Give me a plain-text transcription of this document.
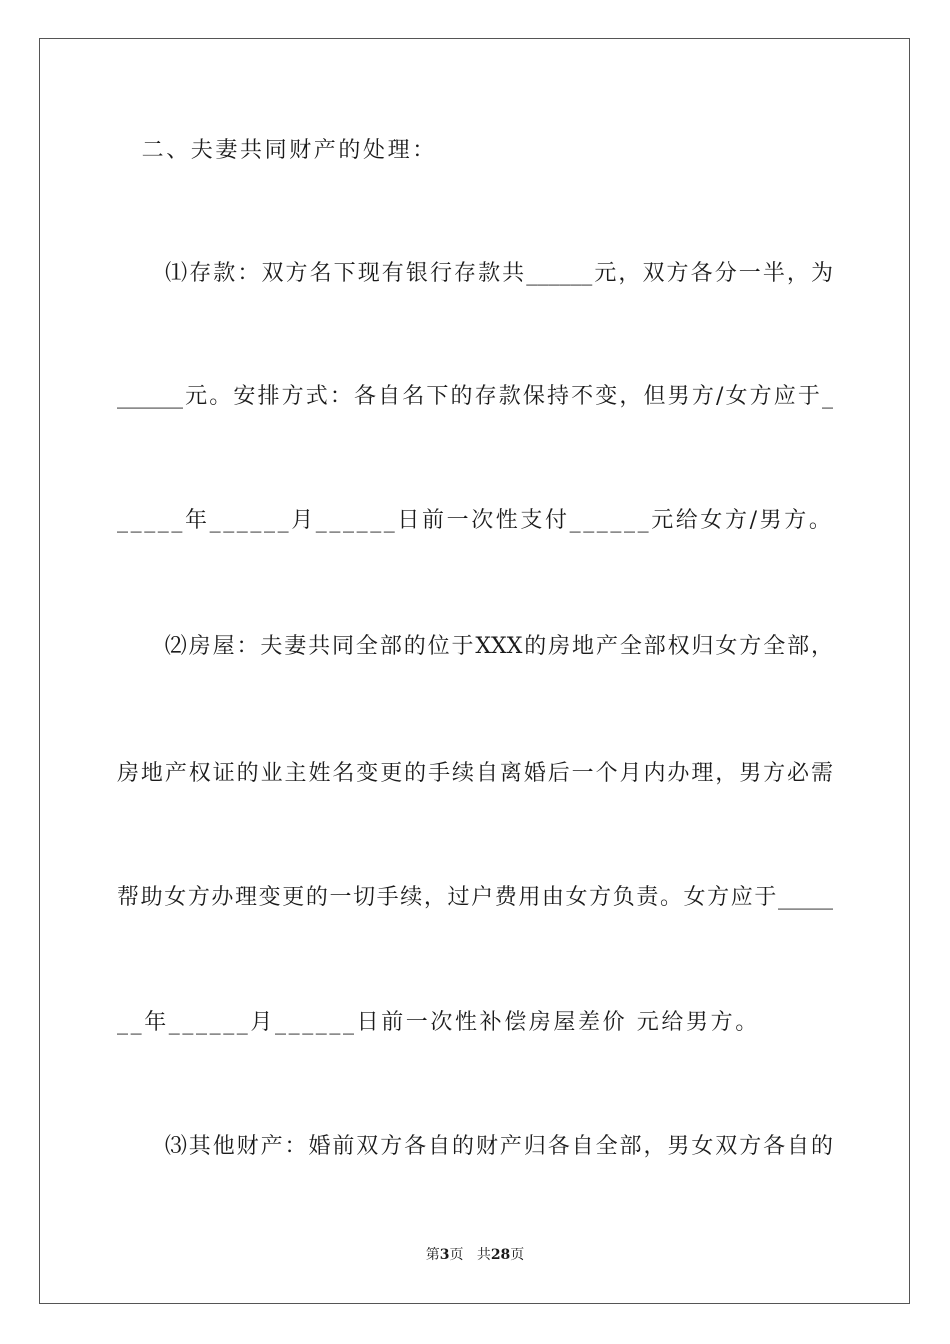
　二、夫妻共同财产的处理：
　　⑴存款：双方名下现有银行存款共______元，双方各分一半，为
______元。安排方式：各自名下的存款保持不变，但男方/女方应于_
_____年______月______日前一次性支付______元给女方/男方。
　　⑵房屋：夫妻共同全部的位于XXX的房地产全部权归女方全部，
房地产权证的业主姓名变更的手续自离婚后一个月内办理，男方必需
帮助女方办理变更的一切手续，过户费用由女方负责。女方应于_____
__年______月______日前一次性补偿房屋差价 元给男方。
　　⑶其他财产：婚前双方各自的财产归各自全部，男女双方各自的
第3页 共28页
